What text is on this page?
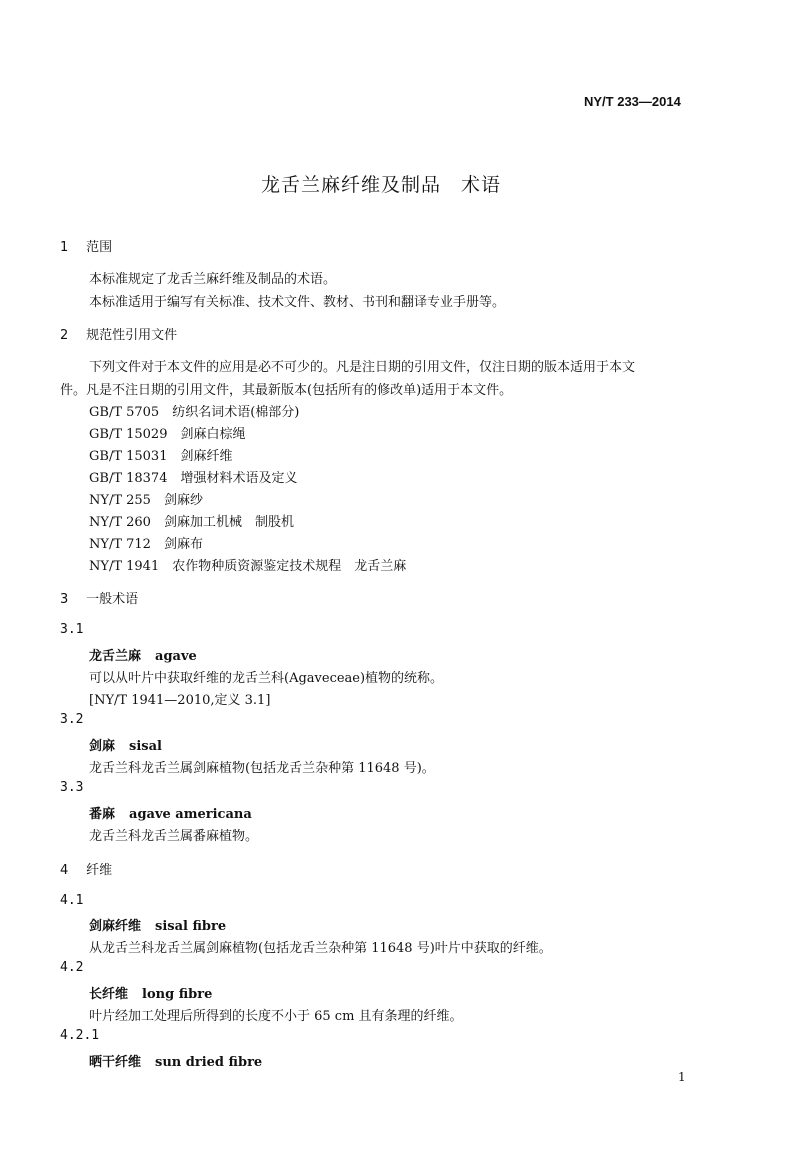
NY/T 233—2014
龙舌兰麻纤维及制品　术语
1 范围
本标准规定了龙舌兰麻纤维及制品的术语。
本标准适用于编写有关标准、技术文件、教材、书刊和翻译专业手册等。
2 规范性引用文件
下列文件对于本文件的应用是必不可少的。凡是注日期的引用文件，仅注日期的版本适用于本文
件。凡是不注日期的引用文件，其最新版本(包括所有的修改单)适用于本文件。
GB/T 5705　 纺织名词术语(棉部分)
GB/T 15029　 剑麻白棕绳
GB/T 15031　 剑麻纤维
GB/T 18374　 增强材料术语及定义
NY/T 255　 剑麻纱
NY/T 260　 剑麻加工机械　制股机
NY/T 712　 剑麻布
NY/T 1941　 农作物种质资源鉴定技术规程　龙舌兰麻
3 一般术语
3.1
龙舌兰麻 agave
可以从叶片中获取纤维的龙舌兰科(Agaveceae)植物的统称。
[NY/T 1941—2010,定义 3.1]
3.2
剑麻 sisal
龙舌兰科龙舌兰属剑麻植物(包括龙舌兰杂种第 11648 号)。
3.3
番麻 agave americana
龙舌兰科龙舌兰属番麻植物。
4 纤维
4.1
剑麻纤维 sisal fibre
从龙舌兰科龙舌兰属剑麻植物(包括龙舌兰杂种第 11648 号)叶片中获取的纤维。
4.2
长纤维 long fibre
叶片经加工处理后所得到的长度不小于 65 cm 且有条理的纤维。
4.2.1
晒干纤维 sun dried fibre
1
